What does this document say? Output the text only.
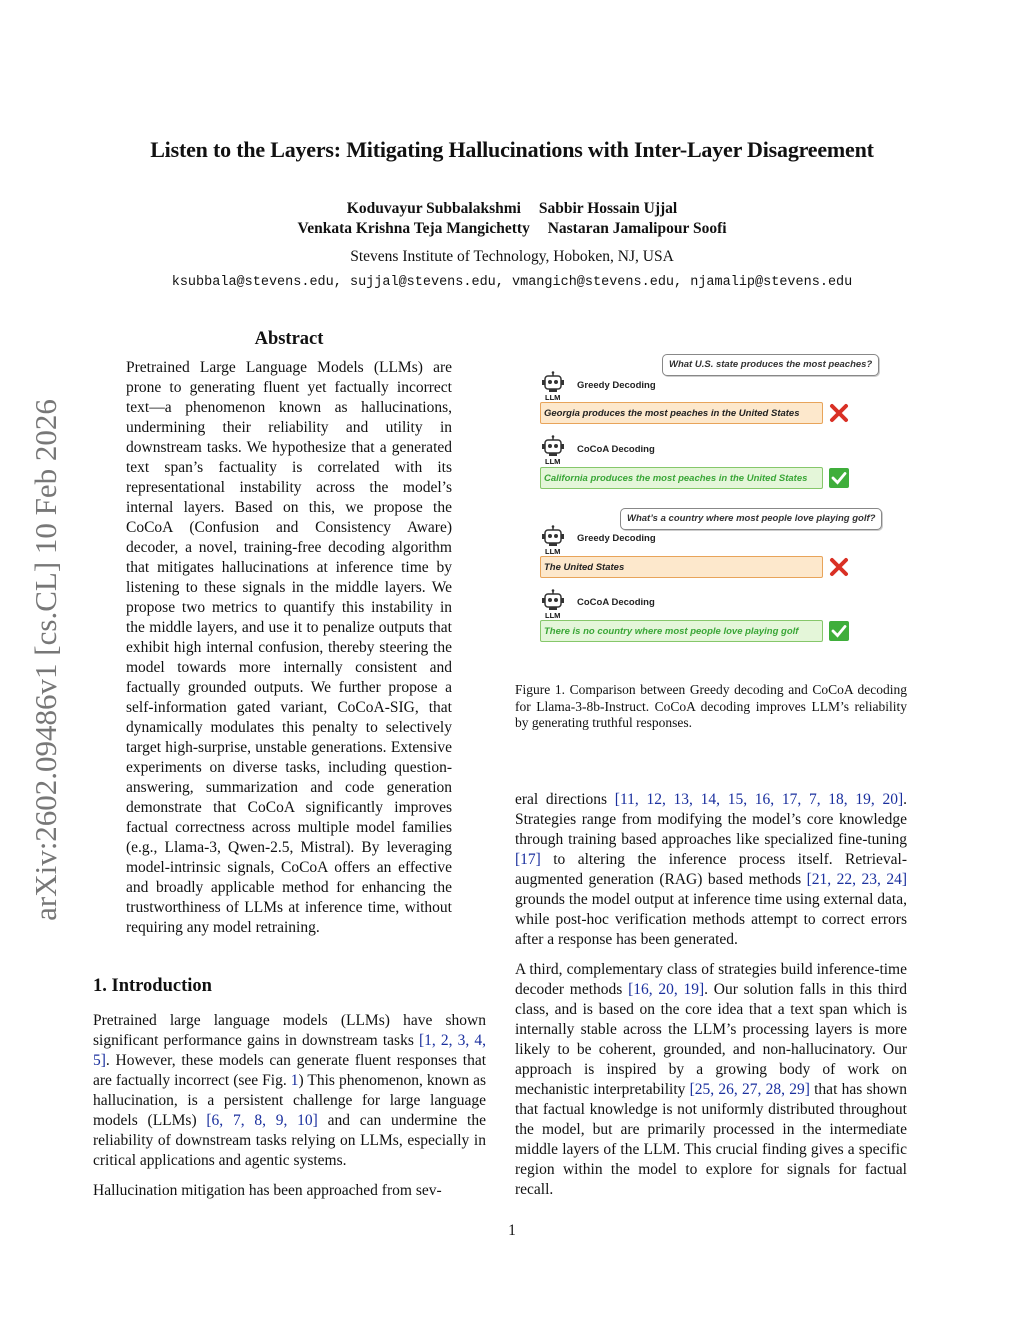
Listen to the Layers: Mitigating Hallucinations with Inter-Layer Disagreement
Koduvayur Subbalakshmi Sabbir Hossain Ujjal
Venkata Krishna Teja Mangichetty Nastaran Jamalipour Soofi
Stevens Institute of Technology, Hoboken, NJ, USA
ksubbala@stevens.edu, sujjal@stevens.edu, vmangich@stevens.edu, njamalip@stevens.edu
arXiv:2602.09486v1 [cs.CL] 10 Feb 2026
Abstract
Pretrained Large Language Models (LLMs) are prone to generating fluent yet factually incorrect text—a phenomenon known as hallucinations, undermining their reliability and utility in downstream tasks. We hypothesize that a generated text span’s factuality is correlated with its representational instability across the model’s internal layers. Based on this, we propose the CoCoA (Confusion and Consistency Aware) decoder, a novel, training-free decoding algorithm that mitigates hallucinations at inference time by listening to these signals in the middle layers. We propose two metrics to quantify this instability in the middle layers, and use it to penalize outputs that exhibit high internal confusion, thereby steering the model towards more internally consistent and factually grounded outputs. We further propose a self-information gated variant, CoCoA-SIG, that dynamically modulates this penalty to selectively target high-surprise, unstable generations. Extensive experiments on diverse tasks, including question-answering, summarization and code generation demonstrate that CoCoA significantly improves factual correctness across multiple model families (e.g., Llama-3, Qwen-2.5, Mistral). By leveraging model-intrinsic signals, CoCoA offers an effective and broadly applicable method for enhancing the trustworthiness of LLMs at inference time, without requiring any model retraining.
1. Introduction

Pretrained large language models (LLMs) have shown significant performance gains in downstream tasks [1, 2, 3, 4, 5]. However, these models can generate fluent responses that are factually incorrect (see Fig. 1) This phenomenon, known as hallucination, is a persistent challenge for large language models (LLMs) [6, 7, 8, 9, 10] and can undermine the reliability of downstream tasks relying on LLMs, especially in critical applications and agentic systems.

Hallucination mitigation has been approached from sev-

eral directions [11, 12, 13, 14, 15, 16, 17, 7, 18, 19, 20]. Strategies range from modifying the model’s core knowledge through training based approaches like specialized fine-tuning [17] to altering the inference process itself. Retrieval-augmented generation (RAG) based methods [21, 22, 23, 24] grounds the model output at inference time using external data, while post-hoc verification methods attempt to correct errors after a response has been generated.

A third, complementary class of strategies build inference-time decoder methods [16, 20, 19]. Our solution falls in this third class, and is based on the core idea that a text span which is internally stable across the LLM’s processing layers is more likely to be coherent, grounded, and non-hallucinatory. Our approach is inspired by a growing body of work on mechanistic interpretability [25, 26, 27, 28, 29] that has shown that factual knowledge is not uniformly distributed throughout the model, but are primarily processed in the intermediate middle layers of the LLM. This crucial finding gives a specific region within the model to explore for signals for factual recall.

What U.S. state produces the most peaches?
LLM
Greedy Decoding
Georgia produces the most peaches in the United States
LLM
CoCoA Decoding
California produces the most peaches in the United States
What’s a country where most people love playing golf?
LLM
Greedy Decoding
The United States
LLM
CoCoA Decoding
There is no country where most people love playing golf
Figure 1. Comparison between Greedy decoding and CoCoA decoding for Llama-3-8b-Instruct. CoCoA decoding improves LLM’s reliability by generating truthful responses.
1
